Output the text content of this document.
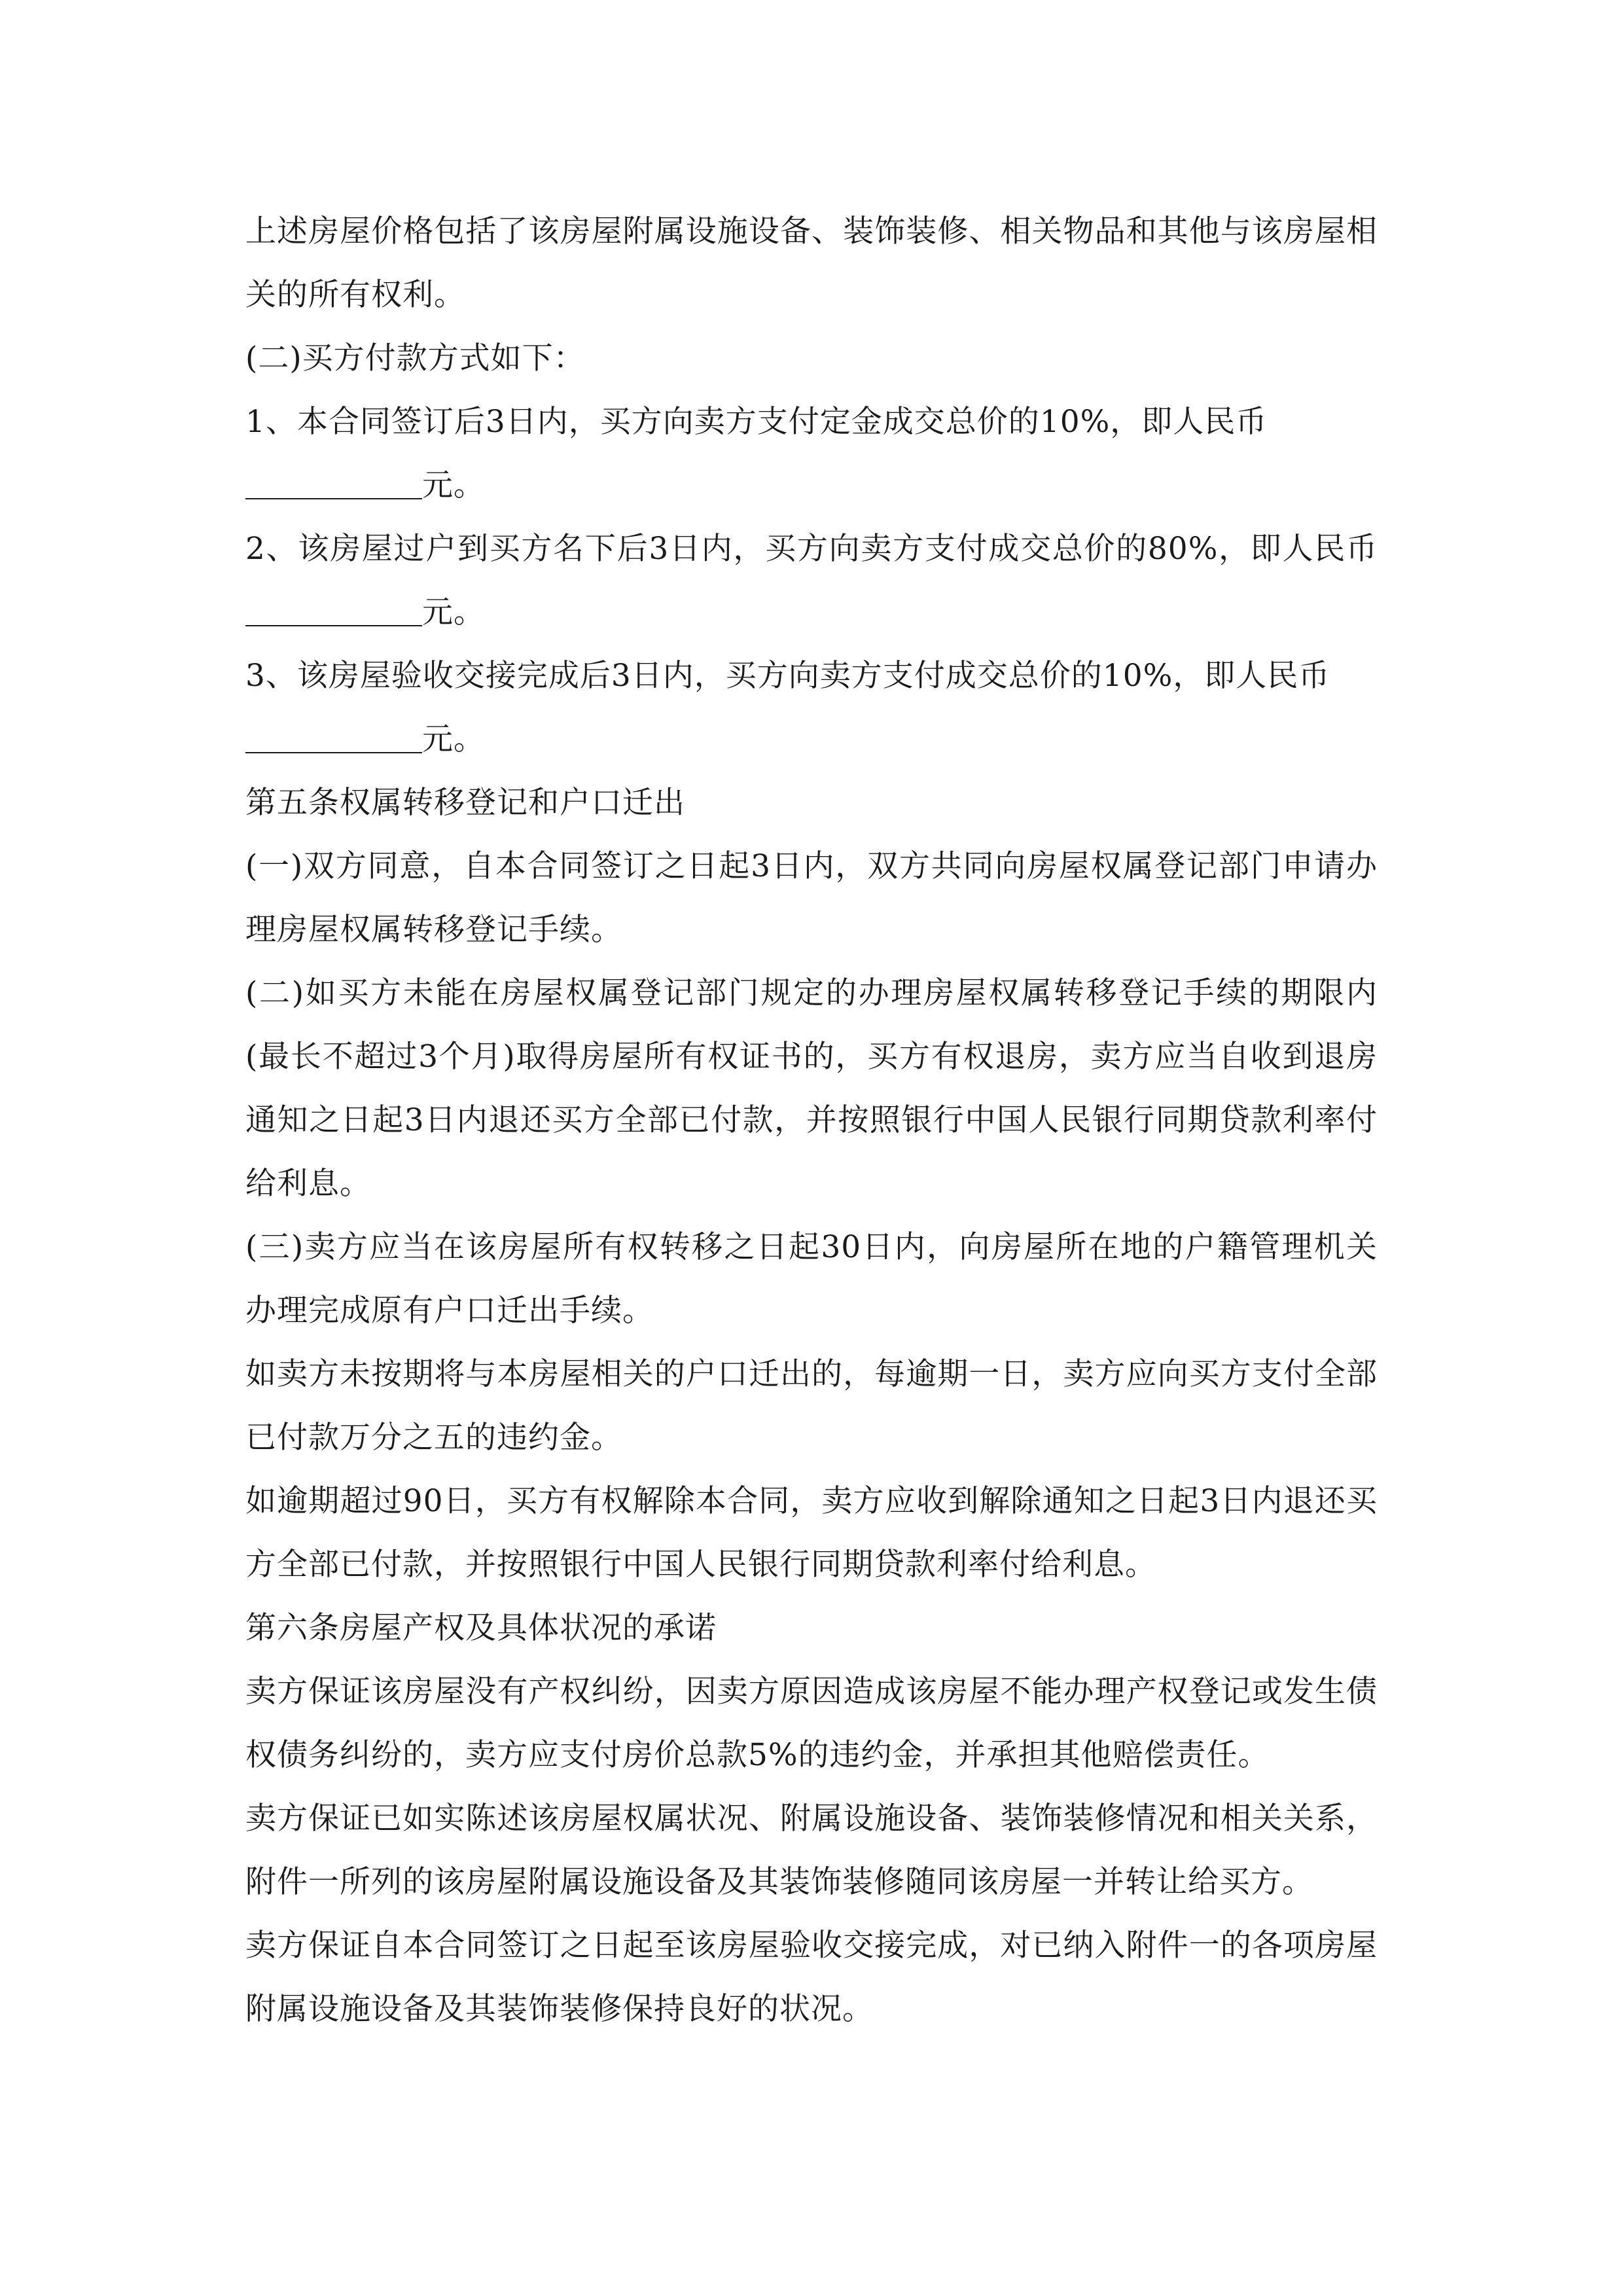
上述房屋价格包括了该房屋附属设施设备、装饰装修、相关物品和其他与该房屋相关的所有权利。

(二)买方付款方式如下：

1、本合同签订后3日内，买方向卖方支付定金成交总价的10%，即人民币
元。

2、该房屋过户到买方名下后3日内，买方向卖方支付成交总价的80%，即人民币元。

3、该房屋验收交接完成后3日内，买方向卖方支付成交总价的10%，即人民币
元。

第五条权属转移登记和户口迁出

(一)双方同意，自本合同签订之日起3日内，双方共同向房屋权属登记部门申请办理房屋权属转移登记手续。

(二)如买方未能在房屋权属登记部门规定的办理房屋权属转移登记手续的期限内(最长不超过3个月)取得房屋所有权证书的，买方有权退房，卖方应当自收到退房通知之日起3日内退还买方全部已付款，并按照银行中国人民银行同期贷款利率付给利息。

(三)卖方应当在该房屋所有权转移之日起30日内，向房屋所在地的户籍管理机关办理完成原有户口迁出手续。

如卖方未按期将与本房屋相关的户口迁出的，每逾期一日，卖方应向买方支付全部已付款万分之五的违约金。

如逾期超过90日，买方有权解除本合同，卖方应收到解除通知之日起3日内退还买方全部已付款，并按照银行中国人民银行同期贷款利率付给利息。

第六条房屋产权及具体状况的承诺

卖方保证该房屋没有产权纠纷，因卖方原因造成该房屋不能办理产权登记或发生债权债务纠纷的，卖方应支付房价总款5%的违约金，并承担其他赔偿责任。

卖方保证已如实陈述该房屋权属状况、附属设施设备、装饰装修情况和相关关系，附件一所列的该房屋附属设施设备及其装饰装修随同该房屋一并转让给买方。

卖方保证自本合同签订之日起至该房屋验收交接完成，对已纳入附件一的各项房屋附属设施设备及其装饰装修保持良好的状况。
